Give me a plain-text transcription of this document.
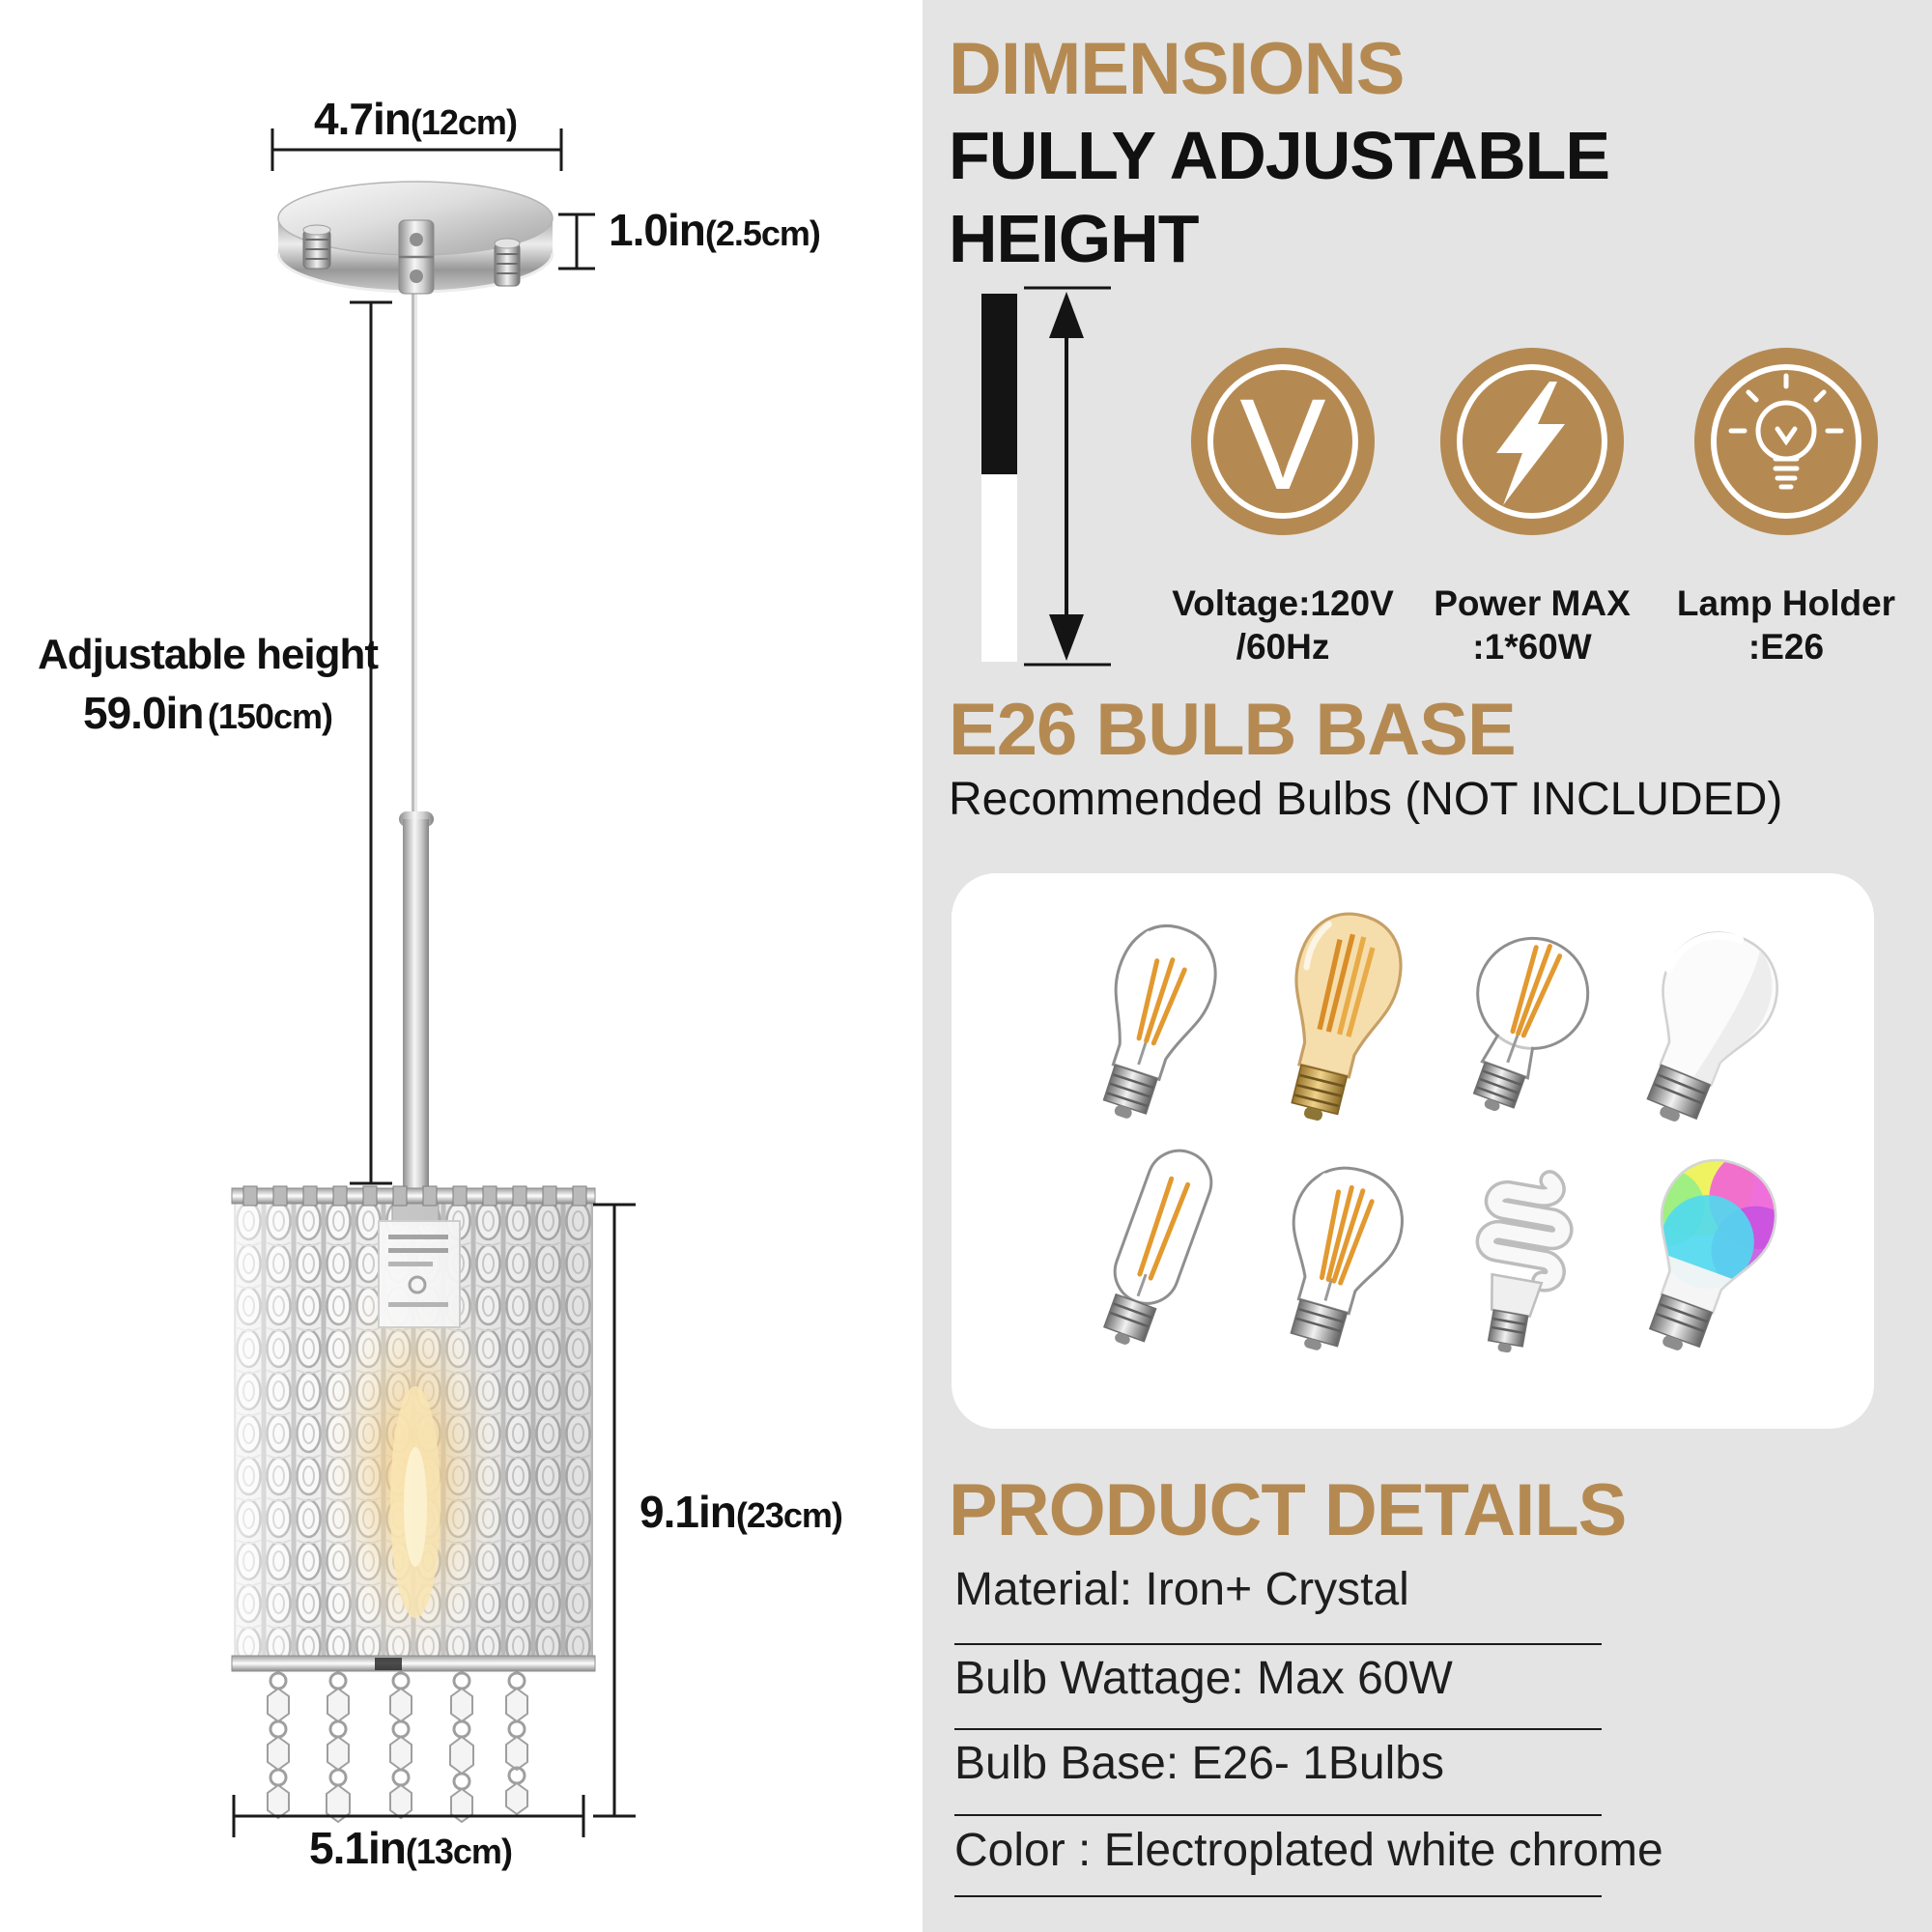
4.7in(12cm)
1.0in(2.5cm)
Adjustable height
59.0in (150cm)
9.1in(23cm)
5.1in(13cm)
DIMENSIONS
FULLY ADJUSTABLE
HEIGHT
V
Voltage:120V
/60Hz
Power MAX
:1*60W
Lamp Holder
:E26
E26 BULB BASE
Recommended Bulbs (NOT INCLUDED)
PRODUCT DETAILS
Material: Iron+ Crystal
Bulb Wattage: Max 60W
Bulb Base: E26- 1Bulbs
Color : Electroplated white chrome
